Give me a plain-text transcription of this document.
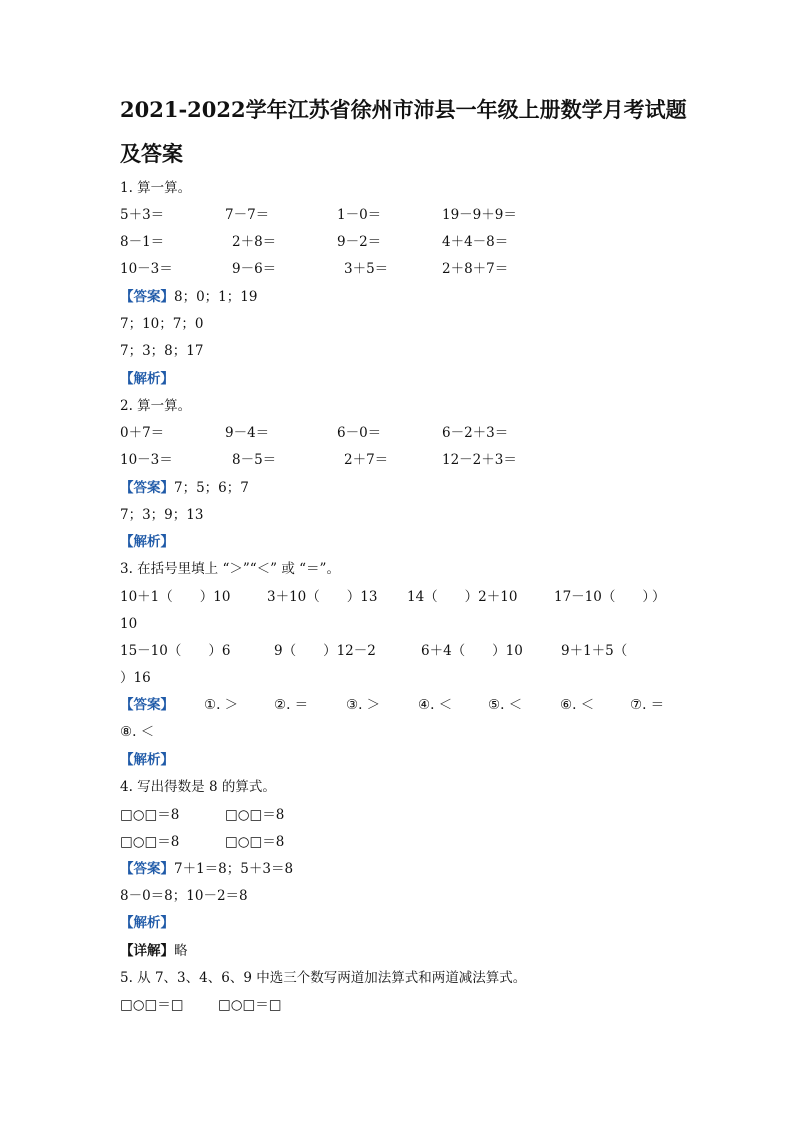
2021-2022学年江苏省徐州市沛县一年级上册数学月考试题
及答案
1. 算一算。
5＋3＝	7－7＝	1－0＝	19－9＋9＝
8－1＝	2＋8＝	9－2＝	4＋4－8＝
10－3＝	9－6＝	3＋5＝	2＋8＋7＝
【答案】8；0；1；19
7；10；7；0
7；3；8；17
【解析】
2. 算一算。
0＋7＝	9－4＝	6－0＝	6－2＋3＝
10－3＝	8－5＝	2＋7＝	12－2＋3＝
【答案】7；5；6；7
7；3；9；13
【解析】
3. 在括号里填上 “＞”“＜” 或 “＝”。
10＋1（　　）10	3＋10（　　）13 14（　　）2＋10	17－10（　　）
）
10
15－10（　　）6	9（　　）12－2	6＋4（　　）10	9＋1＋5（
）16
【答案】 ①. ＞	②. ＝	③. ＞	④. ＜	⑤. ＜	⑥. ＜	⑦. ＝
⑧. ＜
【解析】
4. 写出得数是 8 的算式。
□○□＝8	□○□＝8
□○□＝8	□○□＝8
【答案】7＋1＝8；5＋3＝8
8－0＝8；10－2＝8
【解析】
【详解】略
5. 从 7、3、4、6、9 中选三个数写两道加法算式和两道减法算式。
□○□＝□	□○□＝□
